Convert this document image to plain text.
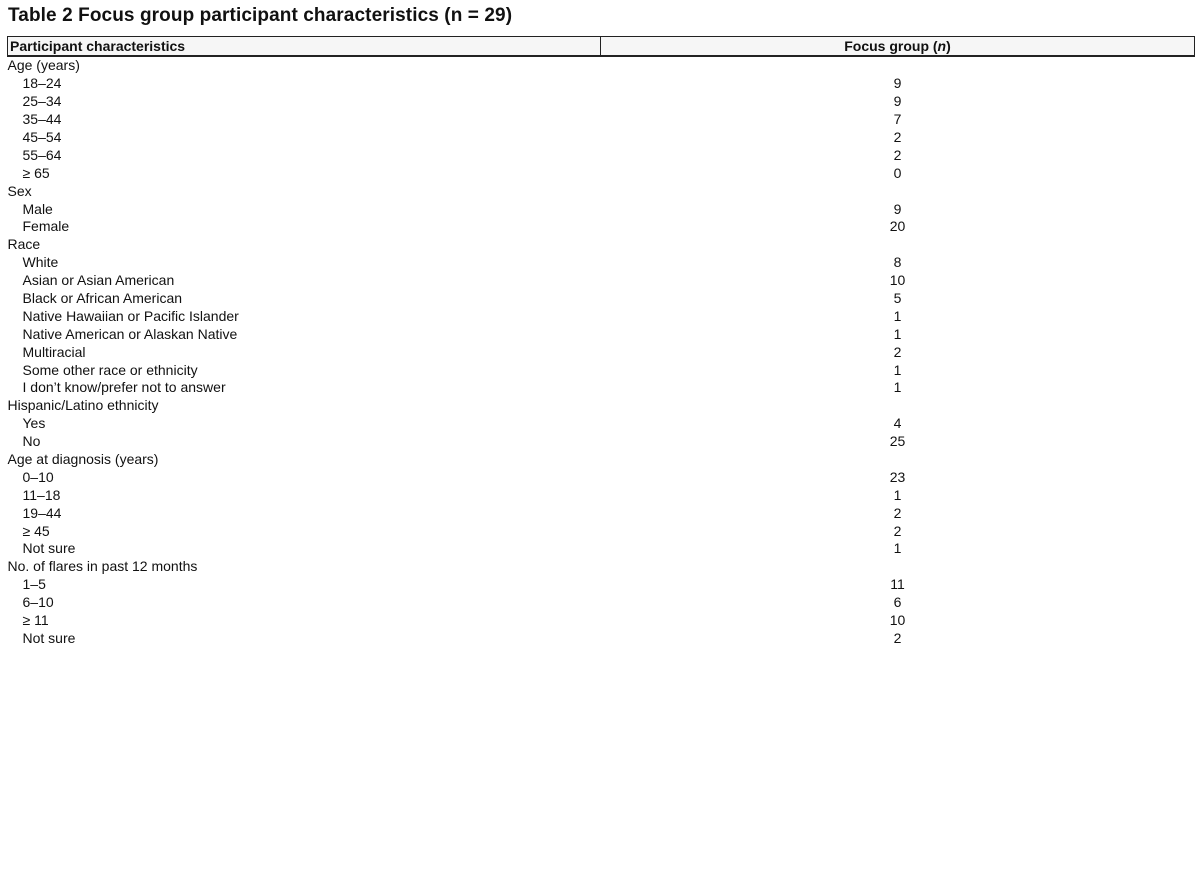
Table 2 Focus group participant characteristics (n = 29)
Participant characteristics	Focus group (n)
Age (years)	
18–24	9
25–34	9
35–44	7
45–54	2
55–64	2
≥ 65	0
Sex	
Male	9
Female	20
Race	
White	8
Asian or Asian American	10
Black or African American	5
Native Hawaiian or Pacific Islander	1
Native American or Alaskan Native	1
Multiracial	2
Some other race or ethnicity	1
I don’t know/prefer not to answer	1
Hispanic/Latino ethnicity	
Yes	4
No	25
Age at diagnosis (years)	
0–10	23
11–18	1
19–44	2
≥ 45	2
Not sure	1
No. of flares in past 12 months	
1–5	11
6–10	6
≥ 11	10
Not sure	2
